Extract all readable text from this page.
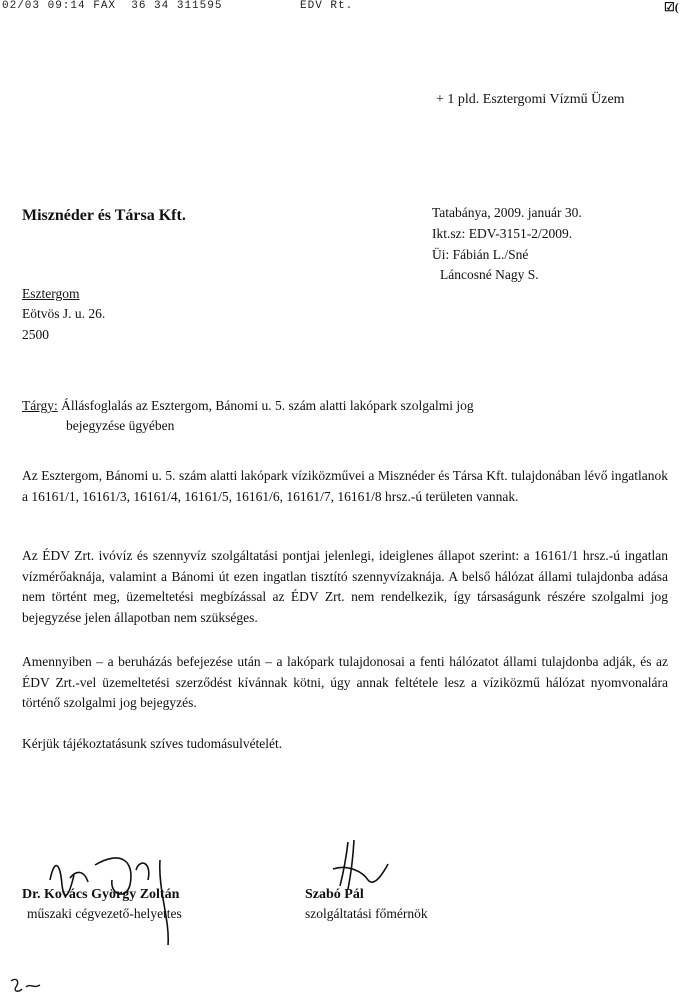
02/03 09:14 FAX 36 34 311595	ÉDV Rt.	☑(
+ 1 pld. Esztergomi Vízmű Üzem
Misznéder és Társa Kft.
Esztergom
Eötvös J. u. 26.
2500
Tatabánya, 2009. január 30.
Ikt.sz: EDV-3151-2/2009.
Üi: Fábián L./Sné
Láncosné Nagy S.
Tárgy: Állásfoglalás az Esztergom, Bánomi u. 5. szám alatti lakópark szolgalmi jog
bejegyzése ügyében
Az Esztergom, Bánomi u. 5. szám alatti lakópark víziközművei a Misznéder és Társa Kft. tulajdonában lévő ingatlanok a 16161/1, 16161/3, 16161/4, 16161/5, 16161/6, 16161/7, 16161/8 hrsz.-ú területen vannak.
Az ÉDV Zrt. ivóvíz és szennyvíz szolgáltatási pontjai jelenlegi, ideiglenes állapot szerint: a 16161/1 hrsz.-ú ingatlan vízmérőaknája, valamint a Bánomi út ezen ingatlan tisztító szennyvízaknája. A belső hálózat állami tulajdonba adása nem történt meg, üzemeltetési megbízással az ÉDV Zrt. nem rendelkezik, így társaságunk részére szolgalmi jog bejegyzése jelen állapotban nem szükséges.
Amennyiben – a beruházás befejezése után – a lakópark tulajdonosai a fenti hálózatot állami tulajdonba adják, és az ÉDV Zrt.-vel üzemeltetési szerződést kívánnak kötni, úgy annak feltétele lesz a víziközmű hálózat nyomvonalára történő szolgalmi jog bejegyzés.
Kérjük tájékoztatásunk szíves tudomásulvételét.
Dr. Kovács György Zoltán
műszaki cégvezető-helyettes
Szabó Pál
szolgáltatási főmérnök
